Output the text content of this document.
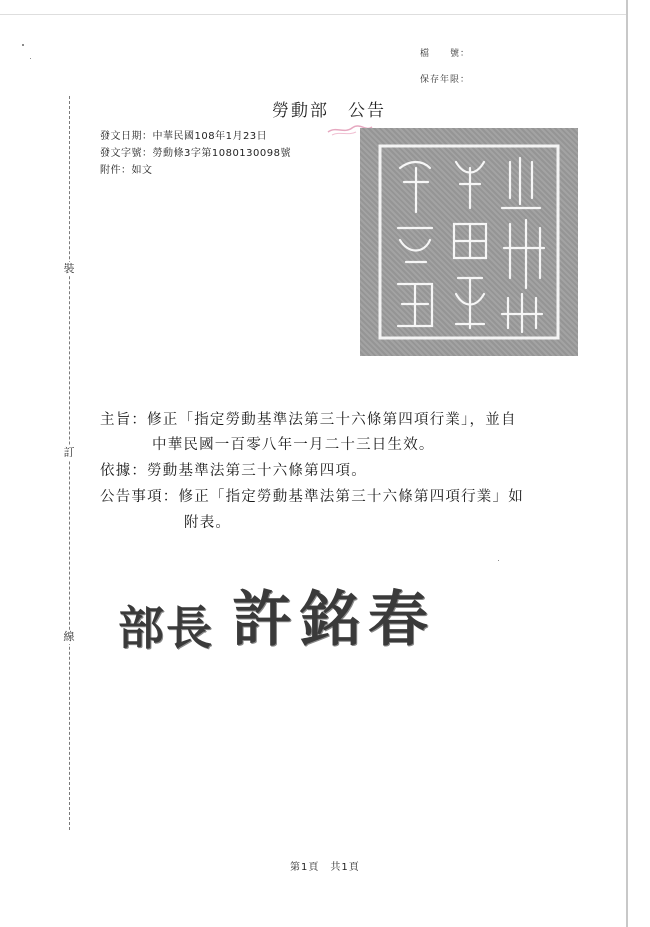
檔　　號：
保存年限：
裝
訂
線
勞動部　公告
發文日期：中華民國108年1月23日
發文字號：勞動條3字第1080130098號
附件：如文
主旨：修正「指定勞動基準法第三十六條第四項行業」，並自
中華民國一百零八年一月二十三日生效。
依據：勞動基準法第三十六條第四項。
公告事項：修正「指定勞動基準法第三十六條第四項行業」如
附表。
部長 許銘春
第1頁　共1頁
